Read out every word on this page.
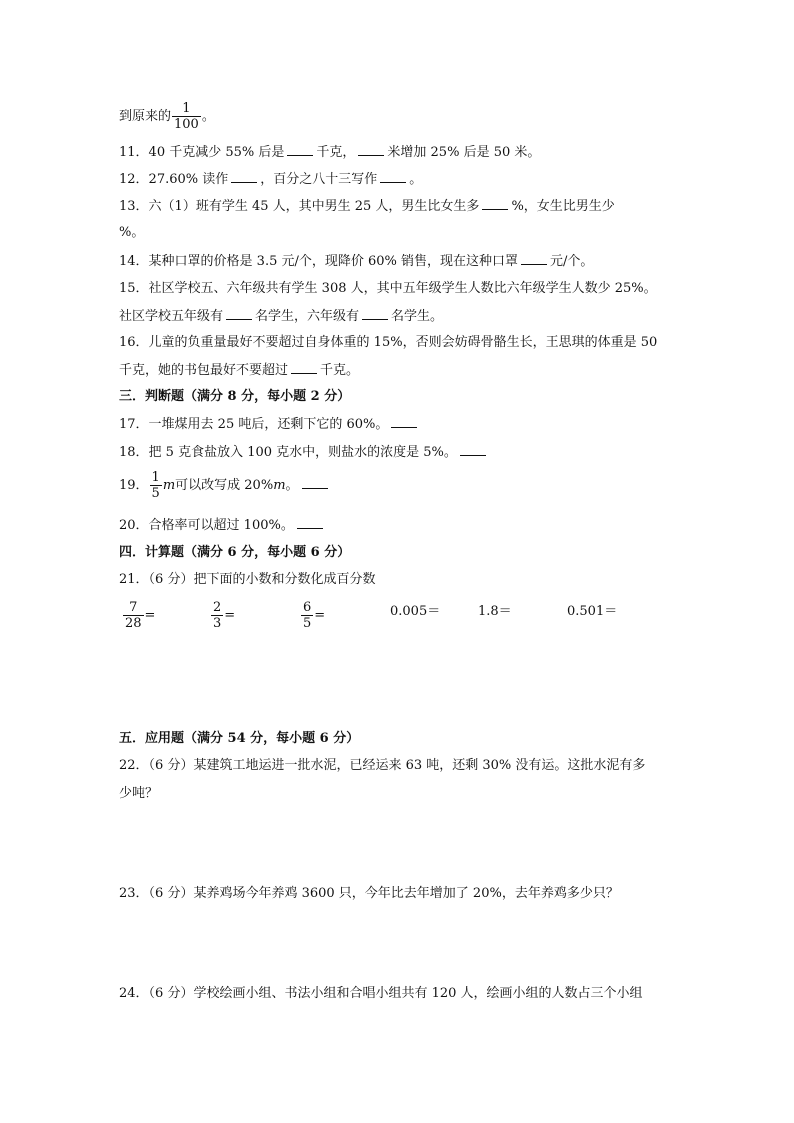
到原来的 $\frac{1}{100}$ 。
11．40 千克减少 55% 后是 千克， 米增加 25% 后是 50 米。
12．27.60% 读作 ，百分之八十三写作 。
13．六（1）班有学生 45 人，其中男生 25 人，男生比女生多 %，女生比男生少
%。
14．某种口罩的价格是 3.5 元/个，现降价 60% 销售，现在这种口罩 元/个。
15．社区学校五、六年级共有学生 308 人，其中五年级学生人数比六年级学生人数少 25%。
社区学校五年级有 名学生，六年级有 名学生。
16．儿童的负重量最好不要超过自身体重的 15%，否则会妨碍骨骼生长，王思琪的体重是 50
千克，她的书包最好不要超过 千克。
三．判断题（满分 8 分，每小题 2 分）
17．一堆煤用去 25 吨后，还剩下它的 60%。
18．把 5 克食盐放入 100 克水中，则盐水的浓度是 5%。
19． $\frac{1}{5}$ m可以改写成 20%m。
20．合格率可以超过 100%。
四．计算题（满分 6 分，每小题 6 分）
21．（6 分）把下面的小数和分数化成百分数
$\frac{7}{28}$ =	$\frac{2}{3}$ =	$\frac{6}{5}$ =	0.005＝	1.8＝	0.501＝
五．应用题（满分 54 分，每小题 6 分）
22．（6 分）某建筑工地运进一批水泥，已经运来 63 吨，还剩 30% 没有运。这批水泥有多
少吨？
23．（6 分）某养鸡场今年养鸡 3600 只，今年比去年增加了 20%，去年养鸡多少只？
24．（6 分）学校绘画小组、书法小组和合唱小组共有 120 人，绘画小组的人数占三个小组
